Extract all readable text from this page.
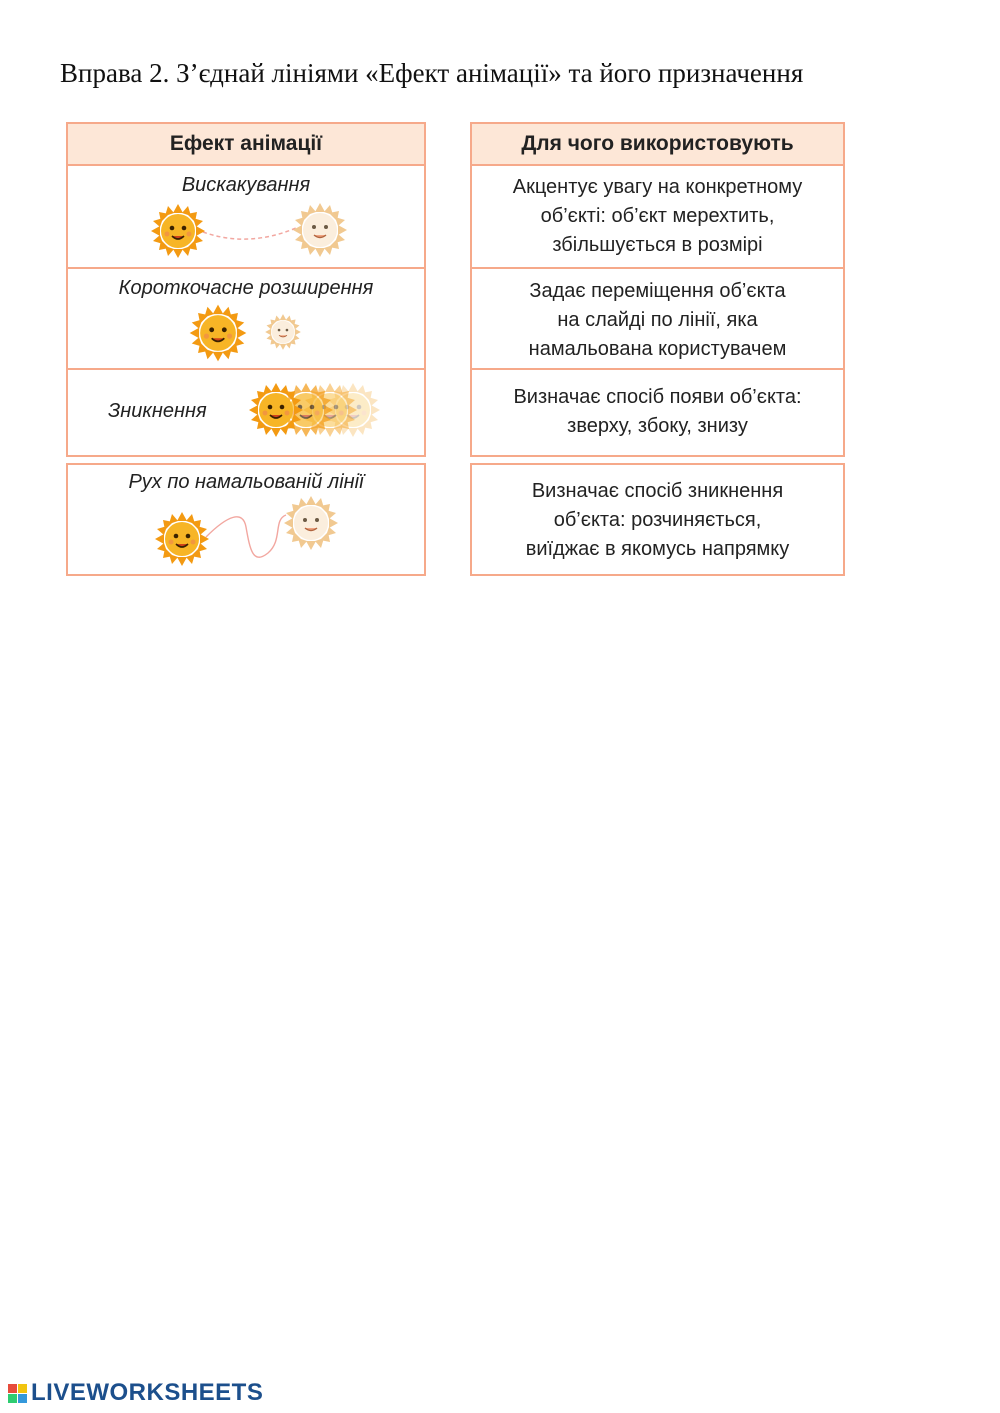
Вправа 2. З’єднай лініями «Ефект анімації» та його призначення
Ефект анімації
Вискакування
Короткочасне розширення
Зникнення
Рух по намальованій лінії
Для чого використовують
Акцентує увагу на конкретному
об’єкті: об’єкт мерехтить,
збільшується в розмірі
Задає переміщення об’єкта
на слайді по лінії, яка
намальована користувачем
Визначає спосіб появи об’єкта:
зверху, збоку, знизу
Визначає спосіб зникнення
об’єкта: розчиняється,
виїджає в якомусь напрямку
LIVEWORKSHEETS
